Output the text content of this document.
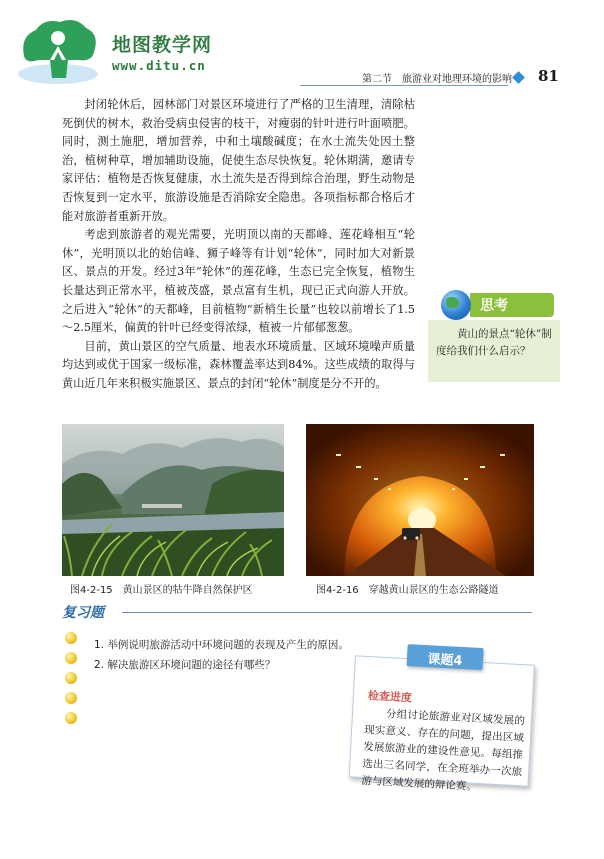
地图教学网
www.ditu.cn
第二节　旅游业对地理环境的影响 81

封闭轮休后，园林部门对景区环境进行了严格的卫生清理，清除枯死倒伏的树木，救治受病虫侵害的枝干，对瘦弱的针叶进行叶面喷肥。同时，测土施肥，增加营养，中和土壤酸碱度；在水土流失处因土整治，植树种草，增加辅助设施，促使生态尽快恢复。轮休期满，邀请专家评估：植物是否恢复健康，水土流失是否得到综合治理，野生动物是否恢复到一定水平，旅游设施是否消除安全隐患。各项指标都合格后才能对旅游者重新开放。

考虑到旅游者的观光需要，光明顶以南的天都峰、莲花峰相互“轮休”，光明顶以北的始信峰、狮子峰等有计划“轮休”，同时加大对新景区、景点的开发。经过3年“轮休”的莲花峰，生态已完全恢复，植物生长量达到正常水平，植被茂盛，景点富有生机，现已正式向游人开放。之后进入“轮休”的天都峰，目前植物“新梢生长量”也较以前增长了1.5～2.5厘米，偏黄的针叶已经变得浓绿，植被一片郁郁葱葱。

目前，黄山景区的空气质量、地表水环境质量、区域环境噪声质量均达到或优于国家一级标准，森林覆盖率达到84%。这些成绩的取得与黄山近几年来积极实施景区、景点的封闭“轮休”制度是分不开的。

黄山的景点“轮休”制度给我们什么启示？
思考
图4-2-15　黄山景区的牯牛降自然保护区	图4-2-16　穿越黄山景区的生态公路隧道
复习题
1. 举例说明旅游活动中环境问题的表现及产生的原因。
2. 解决旅游区环境问题的途径有哪些？
检查进度
分组讨论旅游业对区域发展的现实意义、存在的问题，提出区域发展旅游业的建设性意见。每组推选出三名同学，在全班举办一次旅游与区域发展的辩论赛。
课题4
